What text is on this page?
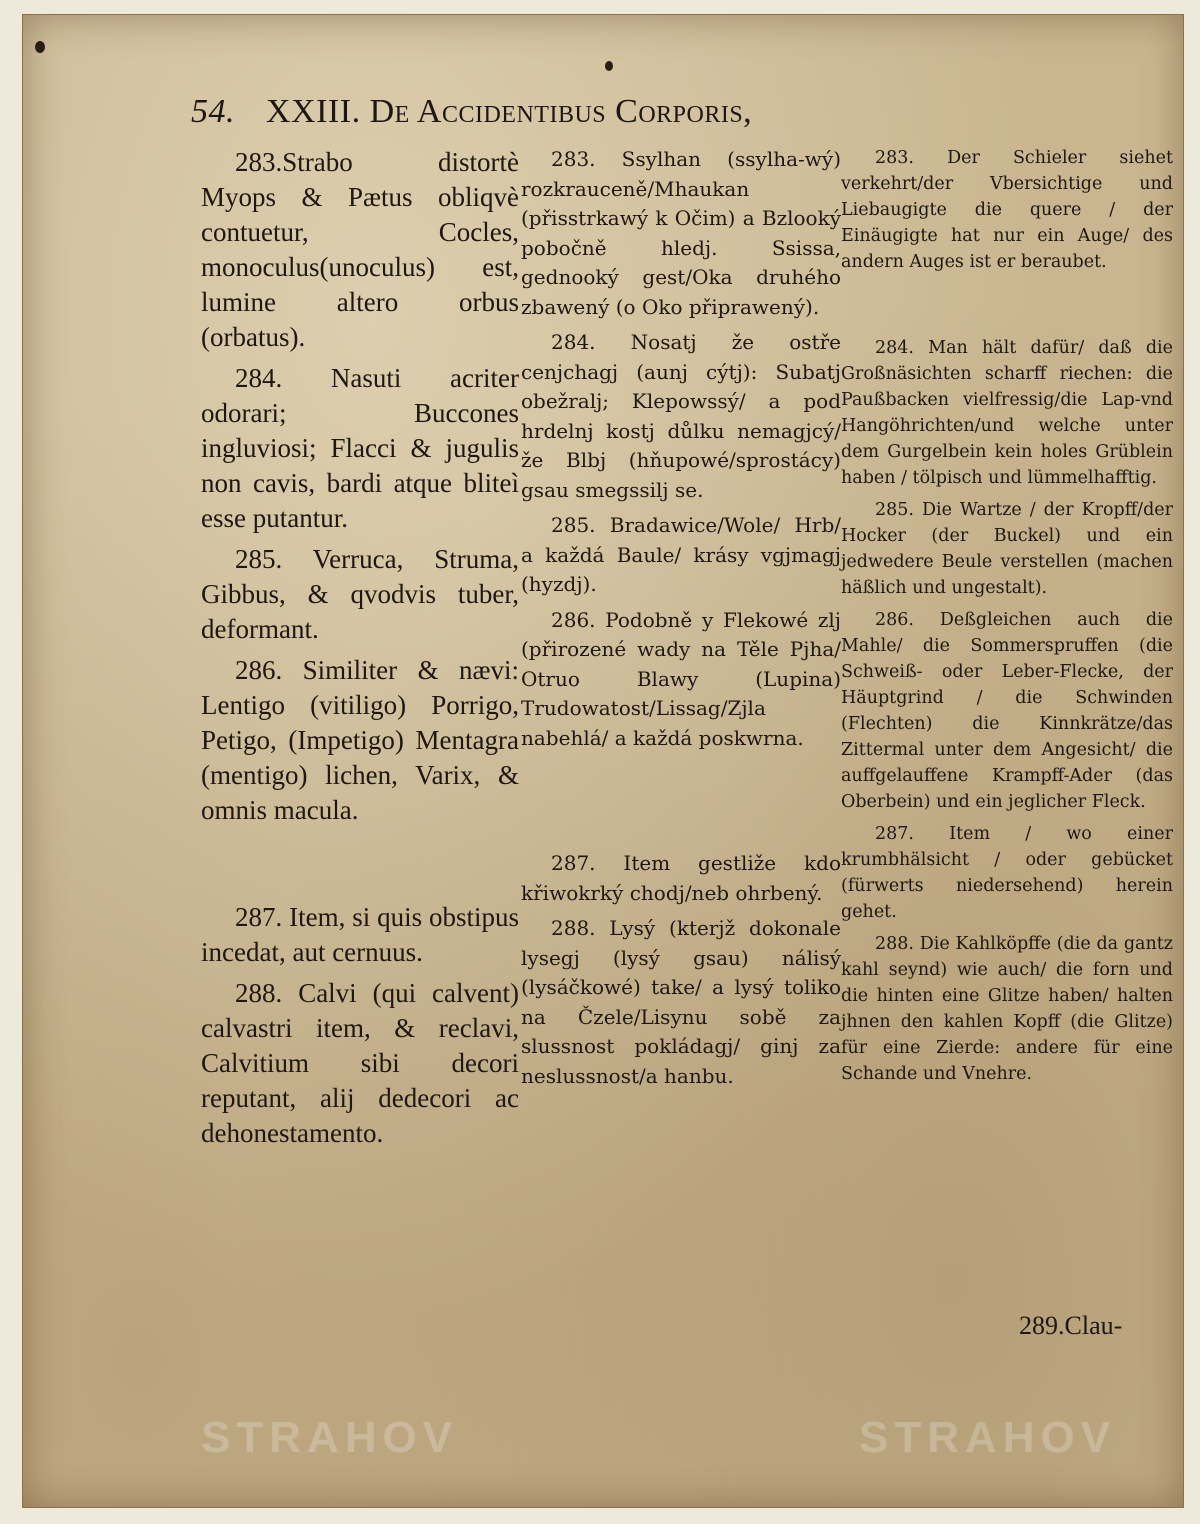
54. XXIII. De Accidentibus Corporis,

283.Strabo distortè Myops & Pætus obliqvè contuetur, Cocles, monoculus(unoculus) est, lumine altero orbus (orbatus).

284. Nasuti acriter odorari; Buccones ingluviosi; Flacci & jugulis non cavis, bardi atque bliteì esse putantur.

285. Verruca, Struma, Gibbus, & qvodvis tuber, deformant.

286. Similiter & nævi: Lentigo (vitiligo) Porrigo, Petigo, (Impetigo) Mentagra (mentigo) lichen, Varix, & omnis macula.

287. Item, si quis obstipus incedat, aut cernuus.

288. Calvi (qui calvent) calvastri item, & reclavi, Calvitium sibi decori reputant, alij dedecori ac dehonestamento.

283. Ssylhan (ssylha-wý) rozkrauceně/Mhaukan (přisstrkawý k Očim) a Bzlooký pobočně hledj. Ssissa, gednooký gest/Oka druhého zbawený (o Oko připrawený).

284. Nosatj že ostře cenjchagj (aunj cýtj): Subatj obežralj; Klepowssý/ a pod hrdelnj kostj důlku nemagjcý/ že Blbj (hňupowé/sprostácy) gsau smegssilj se.

285. Bradawice/Wole/ Hrb/ a každá Baule/ krásy vgjmagj (hyzdj).

286. Podobně y Flekowé zlj (přirozené wady na Těle Pjha/ Otruo Blawy (Lupina) Trudowatost/Lissag/Zjla nabehlá/ a každá poskwrna.

287. Item gestliže kdo křiwokrký chodj/neb ohrbený.

288. Lysý (kterjž dokonale lysegj (lysý gsau) nálisý (lysáčkowé) take/ a lysý toliko na Čzele/Lisynu sobě za slussnost pokládagj/ ginj za neslussnost/a hanbu.

283. Der Schieler siehet verkehrt/der Vbersichtige und Liebaugigte die quere / der Einäugigte hat nur ein Auge/ des andern Auges ist er beraubet.

284. Man hält dafür/ daß die Großnäsichten scharff riechen: die Paußbacken vielfressig/die Lap-vnd Hangöhrichten/und welche unter dem Gurgelbein kein holes Grüblein haben / tölpisch und lümmelhafftig.

285. Die Wartze / der Kropff/der Hocker (der Buckel) und ein jedwedere Beule verstellen (machen häßlich und ungestalt).

286. Deßgleichen auch die Mahle/ die Sommerspruffen (die Schweiß- oder Leber-Flecke, der Häuptgrind / die Schwinden (Flechten) die Kinnkrätze/das Zittermal unter dem Angesicht/ die auffgelauffene Krampff-Ader (das Oberbein) und ein jeglicher Fleck.

287. Item / wo einer krumbhälsicht / oder gebücket (fürwerts niedersehend) herein gehet.

288. Die Kahlköpffe (die da gantz kahl seynd) wie auch/ die forn und die hinten eine Glitze haben/ halten jhnen den kahlen Kopff (die Glitze) für eine Zierde: andere für eine Schande und Vnehre.

289.Clau-
STRAHOV	STRAHOV
